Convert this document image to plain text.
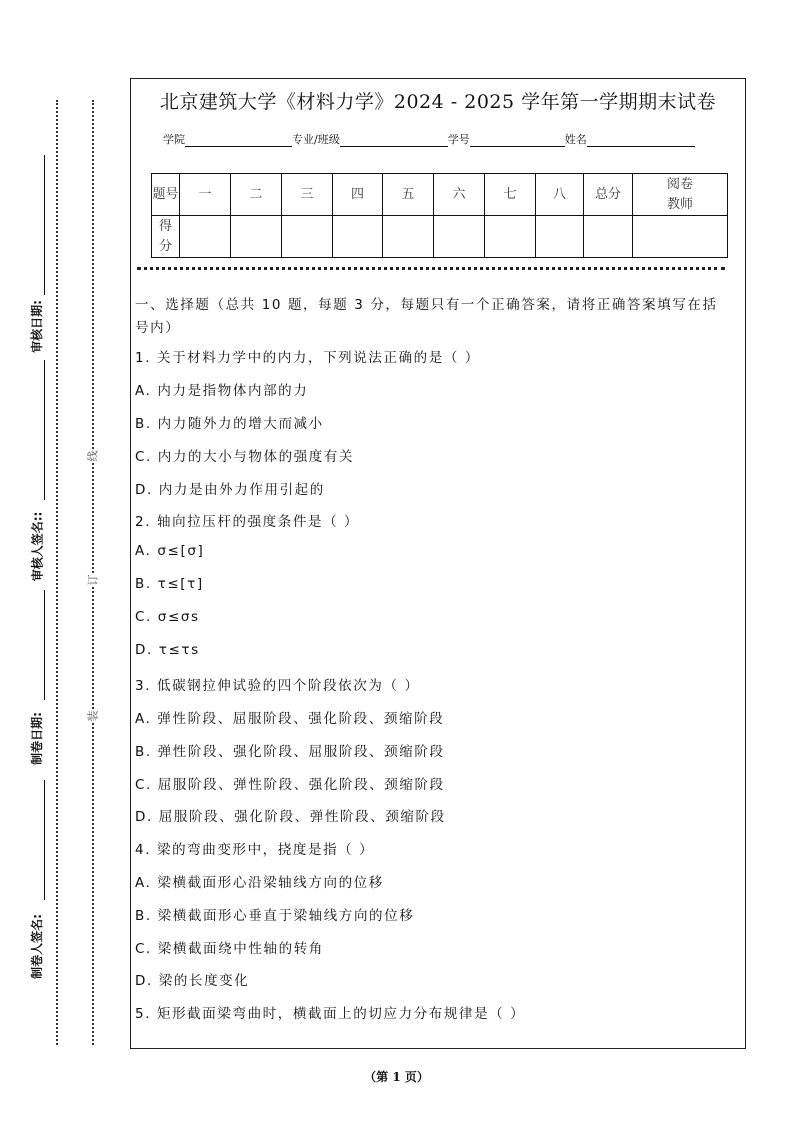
审核日期:
审核人签名::
制卷日期:
制卷人签名:
线
订
装
北京建筑大学《材料力学》2024 - 2025 学年第一学期期末试卷
学院	专业/班级	学号	姓名
题号	一	二	三	四	五	六	七	八	总分	阅卷教师
得分										
一、选择题（总共 10 题，每题 3 分，每题只有一个正确答案，请将正确答案填写在括
号内）
1. 关于材料力学中的内力，下列说法正确的是（ ）
A. 内力是指物体内部的力
B. 内力随外力的增大而减小
C. 内力的大小与物体的强度有关
D. 内力是由外力作用引起的
2. 轴向拉压杆的强度条件是（ ）
A. σ≤[σ]
B. τ≤[τ]
C. σ≤σs
D. τ≤τs
3. 低碳钢拉伸试验的四个阶段依次为（ ）
A. 弹性阶段、屈服阶段、强化阶段、颈缩阶段
B. 弹性阶段、强化阶段、屈服阶段、颈缩阶段
C. 屈服阶段、弹性阶段、强化阶段、颈缩阶段
D. 屈服阶段、强化阶段、弹性阶段、颈缩阶段
4. 梁的弯曲变形中，挠度是指（ ）
A. 梁横截面形心沿梁轴线方向的位移
B. 梁横截面形心垂直于梁轴线方向的位移
C. 梁横截面绕中性轴的转角
D. 梁的长度变化
5. 矩形截面梁弯曲时，横截面上的切应力分布规律是（ ）
（第 1 页）
